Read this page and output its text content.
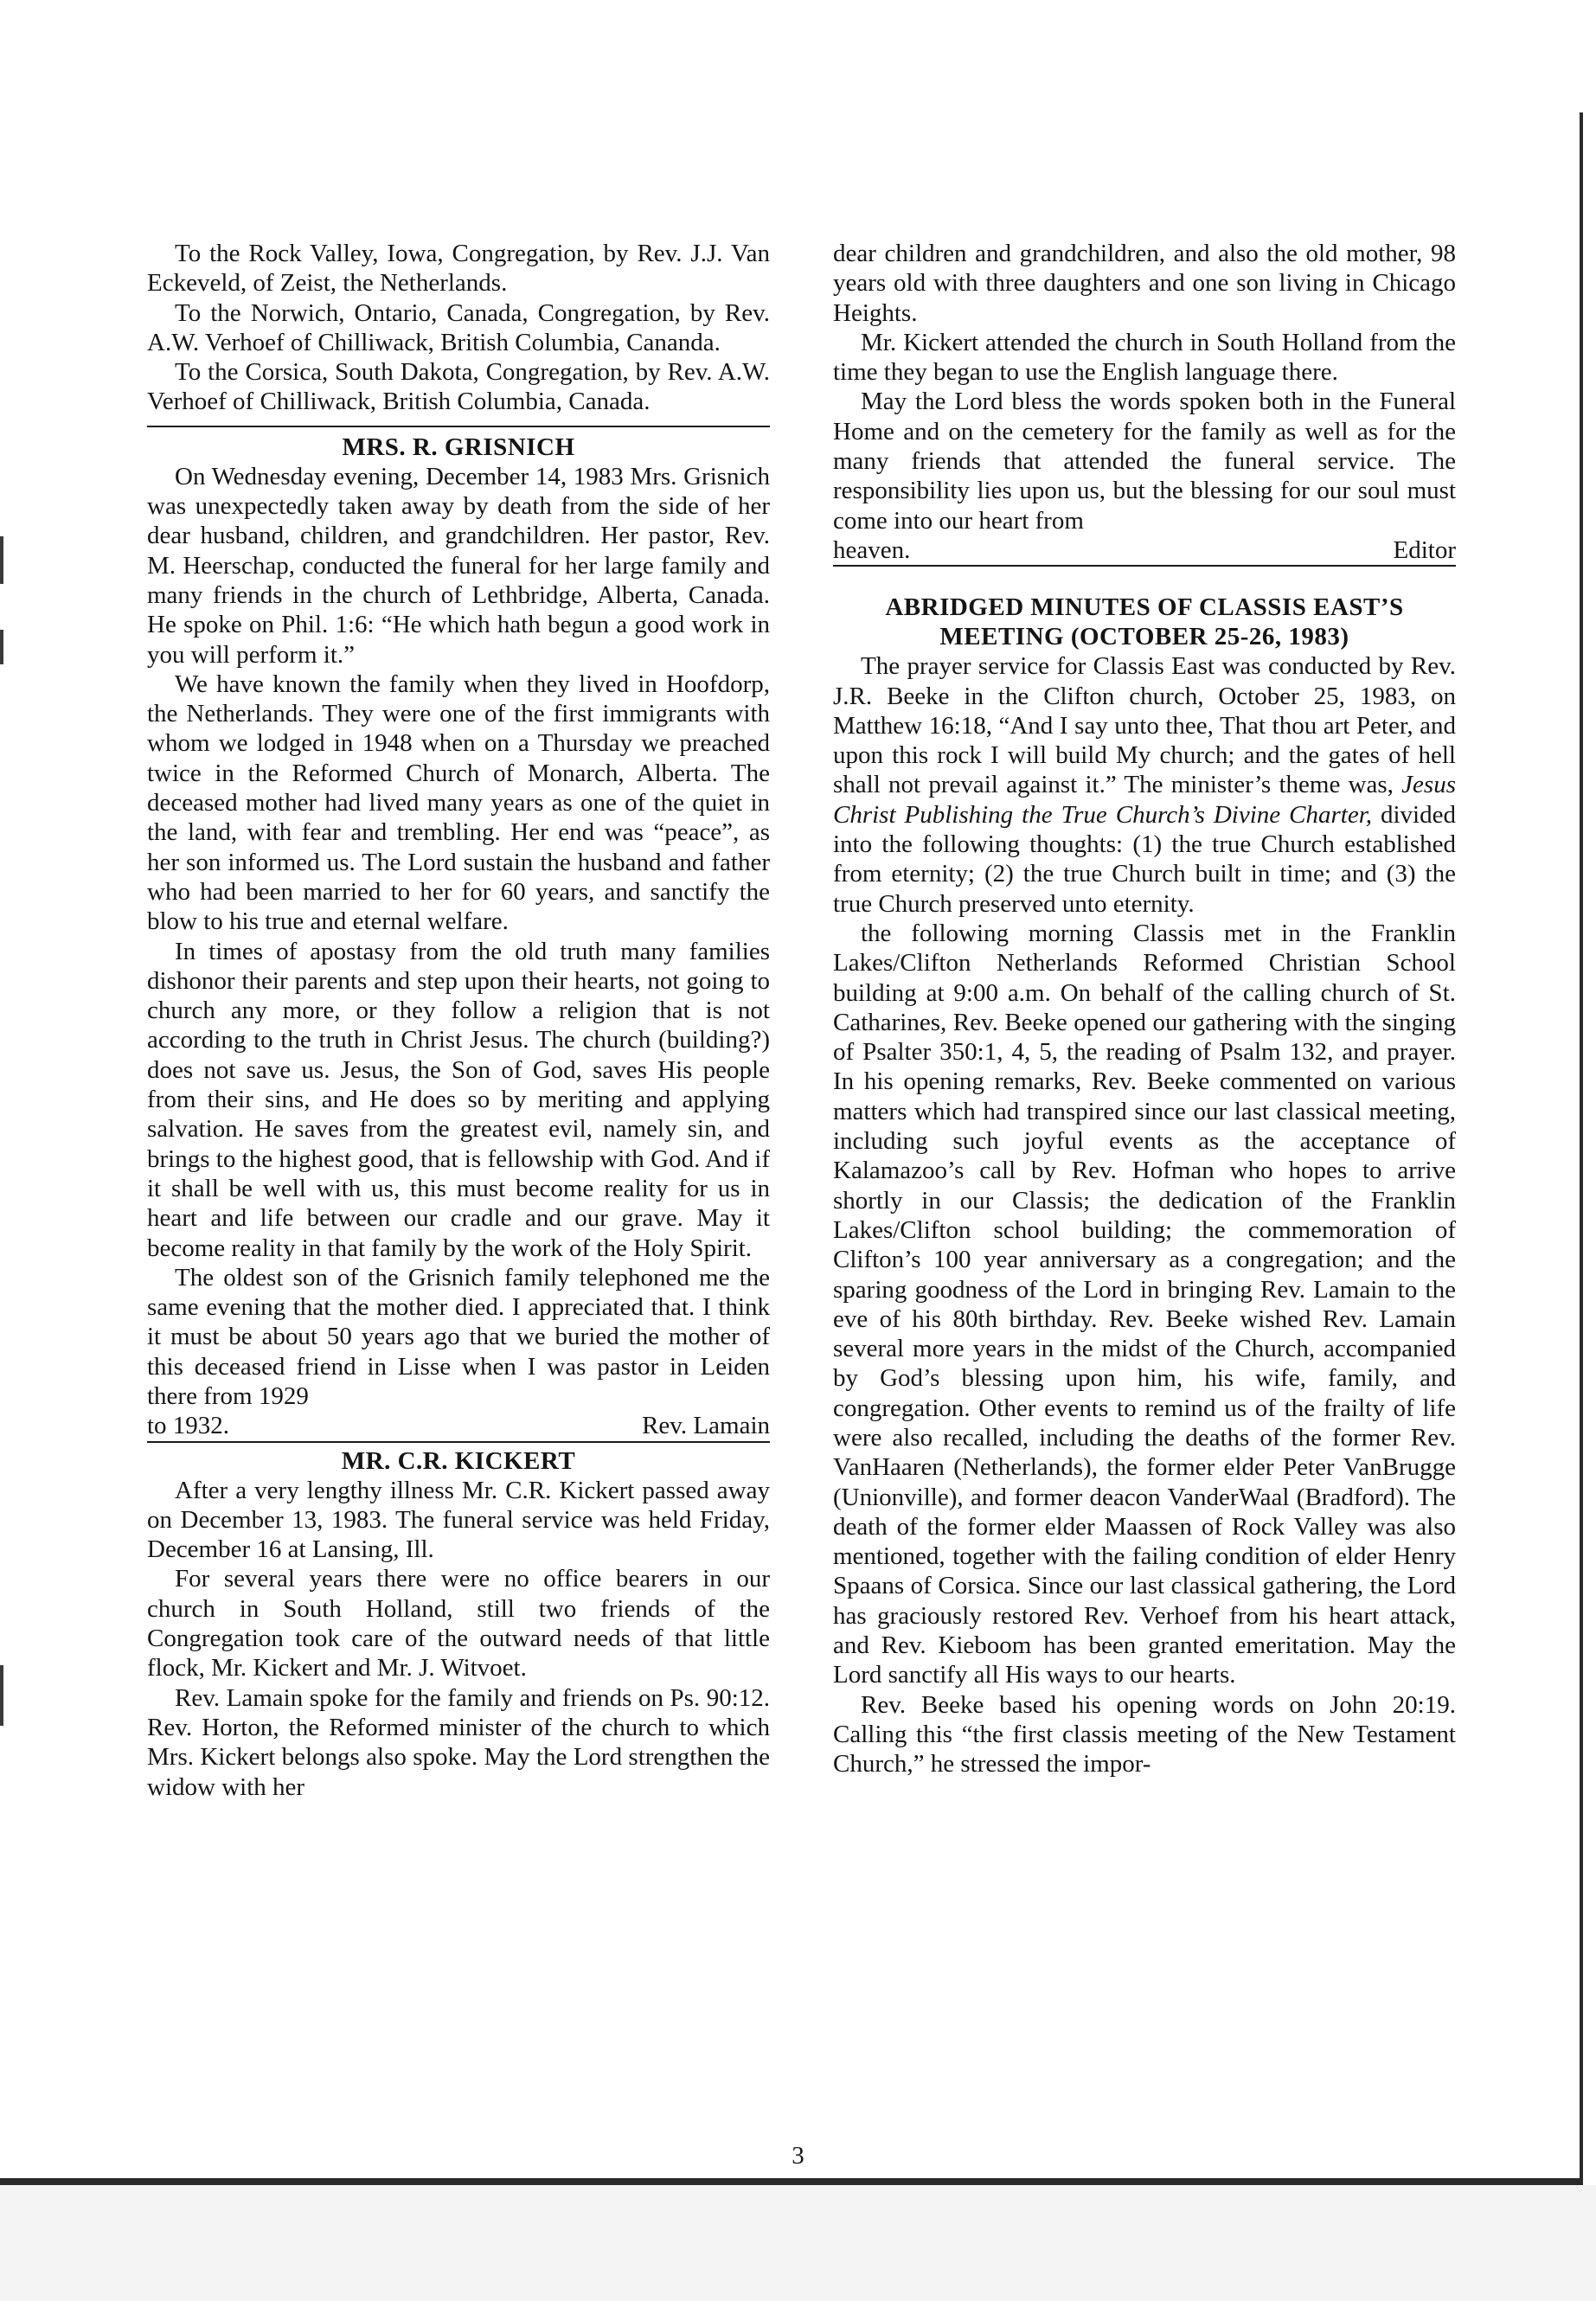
To the Rock Valley, Iowa, Congregation, by Rev. J.J. Van Eckeveld, of Zeist, the Netherlands.

To the Norwich, Ontario, Canada, Congregation, by Rev. A.W. Verhoef of Chilliwack, British Columbia, Cananda.

To the Corsica, South Dakota, Congregation, by Rev. A.W. Verhoef of Chilliwack, British Columbia, Canada.

MRS. R. GRISNICH

On Wednesday evening, December 14, 1983 Mrs. Grisnich was unexpectedly taken away by death from the side of her dear husband, children, and grandchildren. Her pastor, Rev. M. Heerschap, conducted the funeral for her large family and many friends in the church of Lethbridge, Alberta, Canada. He spoke on Phil. 1:6: “He which hath begun a good work in you will perform it.”

We have known the family when they lived in Hoofdorp, the Netherlands. They were one of the first immigrants with whom we lodged in 1948 when on a Thursday we preached twice in the Reformed Church of Monarch, Alberta. The deceased mother had lived many years as one of the quiet in the land, with fear and trembling. Her end was “peace”, as her son informed us. The Lord sustain the husband and father who had been married to her for 60 years, and sanctify the blow to his true and eternal welfare.

In times of apostasy from the old truth many families dishonor their parents and step upon their hearts, not going to church any more, or they follow a religion that is not according to the truth in Christ Jesus. The church (building?) does not save us. Jesus, the Son of God, saves His people from their sins, and He does so by meriting and applying salvation. He saves from the greatest evil, namely sin, and brings to the highest good, that is fellowship with God. And if it shall be well with us, this must become reality for us in heart and life between our cradle and our grave. May it become reality in that family by the work of the Holy Spirit.

The oldest son of the Grisnich family telephoned me the same evening that the mother died. I appreciated that. I think it must be about 50 years ago that we buried the mother of this deceased friend in Lisse when I was pastor in Leiden there from 1929

to 1932.	Rev. Lamain
MR. C.R. KICKERT

After a very lengthy illness Mr. C.R. Kickert passed away on December 13, 1983. The funeral service was held Friday, December 16 at Lansing, Ill.

For several years there were no office bearers in our church in South Holland, still two friends of the Congregation took care of the outward needs of that little flock, Mr. Kickert and Mr. J. Witvoet.

Rev. Lamain spoke for the family and friends on Ps. 90:12. Rev. Horton, the Reformed minister of the church to which Mrs. Kickert belongs also spoke. May the Lord strengthen the widow with her

dear children and grandchildren, and also the old mother, 98 years old with three daughters and one son living in Chicago Heights.

Mr. Kickert attended the church in South Holland from the time they began to use the English language there.

May the Lord bless the words spoken both in the Funeral Home and on the cemetery for the family as well as for the many friends that attended the funeral service. The responsibility lies upon us, but the blessing for our soul must come into our heart from

heaven.	Editor
ABRIDGED MINUTES OF CLASSIS EAST’S
MEETING (OCTOBER 25-26, 1983)

The prayer service for Classis East was conducted by Rev. J.R. Beeke in the Clifton church, October 25, 1983, on Matthew 16:18, “And I say unto thee, That thou art Peter, and upon this rock I will build My church; and the gates of hell shall not prevail against it.” The minister’s theme was, Jesus Christ Publishing the True Church’s Divine Charter, divided into the following thoughts: (1) the true Church established from eternity; (2) the true Church built in time; and (3) the true Church preserved unto eternity.

the following morning Classis met in the Franklin Lakes/Clifton Netherlands Reformed Christian School building at 9:00 a.m. On behalf of the calling church of St. Catharines, Rev. Beeke opened our gathering with the singing of Psalter 350:1, 4, 5, the reading of Psalm 132, and prayer. In his opening remarks, Rev. Beeke commented on various matters which had transpired since our last classical meeting, including such joyful events as the acceptance of Kalamazoo’s call by Rev. Hofman who hopes to arrive shortly in our Classis; the dedication of the Franklin Lakes/Clifton school building; the commemoration of Clifton’s 100 year anniversary as a congregation; and the sparing goodness of the Lord in bringing Rev. Lamain to the eve of his 80th birthday. Rev. Beeke wished Rev. Lamain several more years in the midst of the Church, accompanied by God’s blessing upon him, his wife, family, and congregation. Other events to remind us of the frailty of life were also recalled, including the deaths of the former Rev. VanHaaren (Netherlands), the former elder Peter VanBrugge (Unionville), and former deacon VanderWaal (Bradford). The death of the former elder Maassen of Rock Valley was also mentioned, together with the failing condition of elder Henry Spaans of Corsica. Since our last classical gathering, the Lord has graciously restored Rev. Verhoef from his heart attack, and Rev. Kieboom has been granted emeritation. May the Lord sanctify all His ways to our hearts.

Rev. Beeke based his opening words on John 20:19. Calling this “the first classis meeting of the New Testament Church,” he stressed the impor-

3
